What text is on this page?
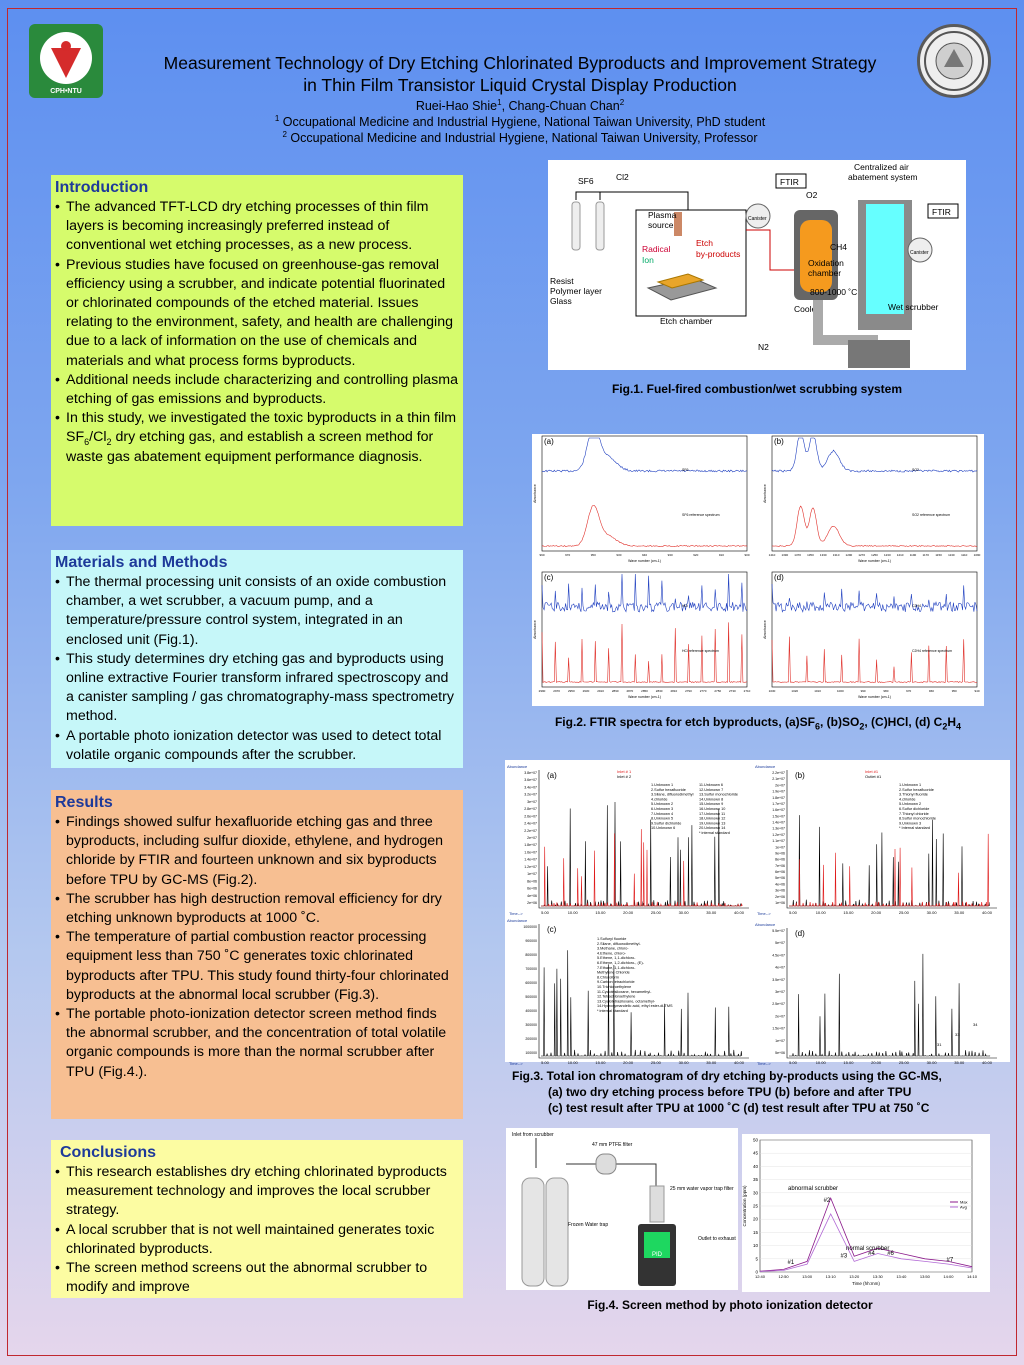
CPH•NTU
Measurement Technology of Dry Etching Chlorinated Byproducts and Improvement Strategy
in Thin Film Transistor Liquid Crystal Display Production
Ruei-Hao Shie$^1$, Chang-Chuan Chan$^2$
$^1$ Occupational Medicine and Industrial Hygiene, National Taiwan University, PhD student
$^2$ Occupational Medicine and Industrial Hygiene, National Taiwan University, Professor
Introduction
• The advanced TFT-LCD dry etching processes of thin film layers is becoming increasingly preferred instead of conventional wet etching processes, as a new process.
• Previous studies have focused on greenhouse-gas removal efficiency using a scrubber, and indicate potential fluorinated or chlorinated compounds of the etched material. Issues relating to the environment, safety, and health are challenging due to a lack of information on the use of chemicals and materials and what process forms byproducts.
• Additional needs include characterizing and controlling plasma etching of gas emissions and byproducts.
• In this study, we investigated the toxic byproducts in a thin film $SF_6/Cl_2$ dry etching gas, and establish a screen method for waste gas abatement equipment performance diagnosis.
Materials and Methods
• The thermal processing unit consists of an oxide combustion chamber, a wet scrubber, a vacuum pump, and a temperature/pressure control system, integrated in an enclosed unit (Fig.1).
• This study determines dry etching gas and byproducts using online extractive Fourier transform infrared spectroscopy and a canister sampling / gas chromatography-mass spectrometry method.
• A portable photo ionization detector was used to detect total volatile organic compounds after the scrubber.
Results
• Findings showed sulfur hexafluoride etching gas and three byproducts, including sulfur dioxide, ethylene, and hydrogen chloride by FTIR and fourteen unknown and six byproducts before TPU by GC-MS (Fig.2).
• The scrubber has high destruction removal efficiency for dry etching unknown byproducts at 1000 ˚C.
• The temperature of partial combustion reactor processing equipment less than 750 ˚C generates toxic chlorinated byproducts after TPU. This study found thirty-four chlorinated byproducts at the abnormal local scrubber (Fig.3).
• The portable photo-ionization detector screen method finds the abnormal scrubber, and the concentration of total volatile organic compounds is more than the normal scrubber after TPU (Fig.4.).
Conclusions
• This research establishes dry etching chlorinated byproducts measurement technology and improves the local scrubber strategy.
• A local scrubber that is not well maintained generates toxic chlorinated byproducts.
• The screen method screens out the abnormal scrubber to modify and improve
SF6	Cl2
Plasma
source
Radical
Ion
Etch
by-products
Resist
Polymer layer
Glass
Etch chamber
FTIR
Canister
O2
CH4
Oxidation
chamber
800-1000 ˚C
Cooler
N2
Wet scrubber
Centralized air
abatement system
FTIR
Canister
Fig.1. Fuel-fired combustion/wet scrubbing system
(a)
Absorbance
Wave number (cm-1)
990	970	950	930	940	930	920	910	900
SF6
SF6 reference spectrum
(b)
Absorbance
Wave number (cm-1)
1410 1390 1370 1350 1330 1310 1290 1270 1250 1230 1210 1190 1170 1150 1130 1110 1090
SO2
SO2 reference spectrum
(c)
Absorbance
Wave number (cm-1)
2990	2970	2950	2930	2910	2890	2870	2850	2830	2810	2790	2770	2750	2730	2710
HCl
HCl reference spectrum
(d)
Absorbance
Wave number (cm-1)
1030	1020	1010	1000	990	980	970	960	950	940
C2H4
C2H4 reference spectrum
Fig.2. FTIR spectra for etch byproducts, $(a)SF_6$, $(b)SO_2$, (C)HCl, (d) $C_2H_4$
(a)
Abundance
Time-->
3.8e+07
3.6e+07
3.4e+07
3.2e+07
3e+07
2.8e+07
2.6e+07
2.4e+07
2.2e+07
2e+07
1.8e+07
1.6e+07
1.4e+07
1.2e+07
1e+07
8e+06
6e+06
4e+06
2e+06
5.00	10.00	15.00	20.00	25.00	30.00	35.00	40.00
Inlet # 1
Inlet # 2
1.Unknown 1
2.Sulfur hexafluoride
3.Silane, difluorodimethyl
4.chloride
5.Unknown 2
6.Unknown 3
7.Unknown 4
8.Unknown 5
9.Sulfur dichloride
10.Unknown 6
11.Unknown 6
12.Unknown 7
13.Sulfur monochloride
14.Unknown 8
15.Unknown 9
16.Unknown 10
17.Unknown 11
18.Unknown 12
19.Unknown 13
20.Unknown 14
* internal standard
(b)
Abundance
Time-->
2.2e+07
2.1e+07
2e+07
1.9e+07
1.8e+07
1.7e+07
1.6e+07
1.5e+07
1.4e+07
1.3e+07
1.2e+07
1.1e+07
1e+07
9e+06
8e+06
7e+06
6e+06
5e+06
4e+06
3e+06
2e+06
1e+06
5.00	10.00	15.00	20.00	25.00	30.00	35.00	40.00
Inlet #1
Outlet #1
1.Unknown 1
2.Sulfur hexafluoride
3.Thionyl fluoride
4.chloride
5.Unknown 2
6.Sulfur dichloride
7.Thionyl chloride
8.Sulfur monochloride
9.Unknown 3
* Internal standard
(c)
Abundance
Time-->
1000000
900000
800000
700000
600000
500000
400000
300000
200000
100000
5.00	10.00	15.00	20.00	25.00	30.00	35.00	40.00
1.Sulfuryl fluoride
2.Silane, difluorodimethyl-
3.Methane, chloro-
4.Ethene, chloro-
5.Ethene, 1,1-dichloro-
6.Ethene, 1,2-dichloro-, (E)-
7.Ethane, 1,1-dichloro-
Methylene Chloride
8.Chloroform
9.Carbon tetrachloride
10.Trichloroethylene
11.Cyclotrisiloxane, hexamethyl-
12.Tetrachloroethylene
13.Cyclotetrasiloxane, octamethyl-
14.Hydroxymandelic acid, ethyl ester-di-TMS
* internal standard
(d)
Abundance
Time-->
5.5e+07
5e+07
4.5e+07
4e+07
3.5e+07
3e+07
2.5e+07
2e+07
1.5e+07
1e+07
5e+06
5.00	10.00	15.00	20.00	25.00	30.00	35.00	40.00
31
33
34
Fig.3. Total ion chromatogram of dry etching by-products using the GC-MS,
(a) two dry etching process before TPU (b) before and after TPU
(c) test result after TPU at 1000 ˚C (d) test result after TPU at 750 ˚C
Inlet from scrubber
47 mm PTFE filter
25 mm water vapor trap filter
Frozen Water trap
Outlet to exhaust
PID
50
45
40
35
30
25
20
15
10
5
0
12:40	12:50	13:00	13:10	13:20	13:30	13:40	13:50	14:00	14:10
Concentration (ppm)
Time (hh:mm)
Max
Avg
abnormal scrubber
normal scrubber
#1
#2
#3	#4 #6
#7
Fig.4. Screen method by photo ionization detector
